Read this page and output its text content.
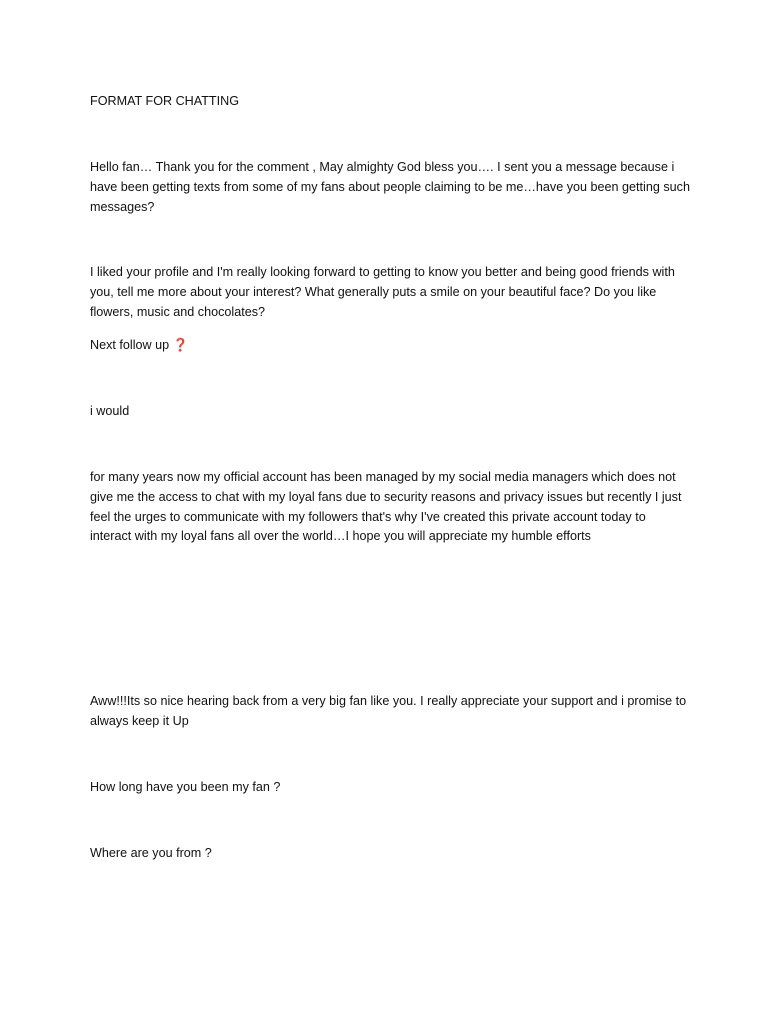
FORMAT FOR CHATTING

Hello fan… Thank you for the comment , May almighty God bless you…. I sent you a message because i have been getting texts from some of my fans about people claiming to be me…have you been getting such messages?

I liked your profile and I'm really looking forward to getting to know you better and being good friends with you, tell me more about your interest? What generally puts a smile on your beautiful face? Do you like flowers, music and chocolates?

Next follow up ❓

i would

for many years now my official account has been managed by my social media managers which does not give me the access to chat with my loyal fans due to security reasons and privacy issues but recently I just feel the urges to communicate with my followers that's why I've created this private account today to interact with my loyal fans all over the world…I hope you will appreciate my humble efforts

Aww!!!Its so nice hearing back from a very big fan like you. I really appreciate your support and i promise to always keep it Up

How long have you been my fan ?

Where are you from ?
